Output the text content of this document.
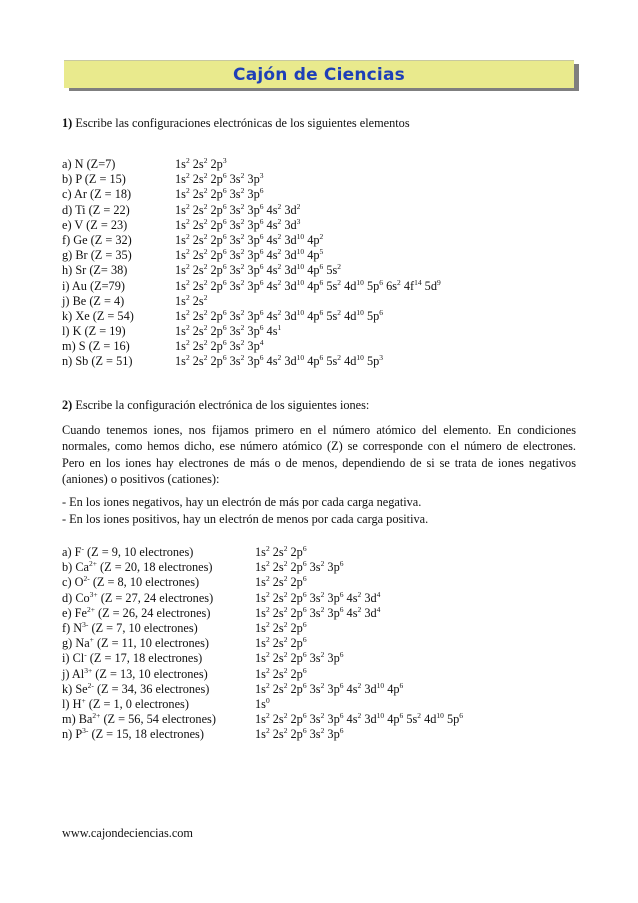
Cajón de Ciencias
1) Escribe las configuraciones electrónicas de los siguientes elementos
a) N (Z=7)	$1s^2$ $2s^2$ $2p^3$
b) P (Z = 15)	$1s^2$ $2s^2$ $2p^6$ $3s^2$ $3p^3$
c) Ar (Z = 18)	$1s^2$ $2s^2$ $2p^6$ $3s^2$ $3p^6$
d) Ti (Z = 22)	$1s^2$ $2s^2$ $2p^6$ $3s^2$ $3p^6$ $4s^2$ $3d^2$
e) V (Z = 23)	$1s^2$ $2s^2$ $2p^6$ $3s^2$ $3p^6$ $4s^2$ $3d^3$
f) Ge (Z = 32)	$1s^2$ $2s^2$ $2p^6$ $3s^2$ $3p^6$ $4s^2$ $3d^{10}$ $4p^2$
g) Br (Z = 35)	$1s^2$ $2s^2$ $2p^6$ $3s^2$ $3p^6$ $4s^2$ $3d^{10}$ $4p^5$
h) Sr (Z= 38)	$1s^2$ $2s^2$ $2p^6$ $3s^2$ $3p^6$ $4s^2$ $3d^{10}$ $4p^6$ $5s^2$
i) Au (Z=79)	$1s^2$ $2s^2$ $2p^6$ $3s^2$ $3p^6$ $4s^2$ $3d^{10}$ $4p^6$ $5s^2$ $4d^{10}$ $5p^6$ $6s^2$ $4f^{14}$ $5d^9$
j) Be (Z = 4)	$1s^2$ $2s^2$
k) Xe (Z = 54)	$1s^2$ $2s^2$ $2p^6$ $3s^2$ $3p^6$ $4s^2$ $3d^{10}$ $4p^6$ $5s^2$ $4d^{10}$ $5p^6$
l) K (Z = 19)	$1s^2$ $2s^2$ $2p^6$ $3s^2$ $3p^6$ $4s^1$
m) S (Z = 16)	$1s^2$ $2s^2$ $2p^6$ $3s^2$ $3p^4$
n) Sb (Z = 51)	$1s^2$ $2s^2$ $2p^6$ $3s^2$ $3p^6$ $4s^2$ $3d^{10}$ $4p^6$ $5s^2$ $4d^{10}$ $5p^3$
2) Escribe la configuración electrónica de los siguientes iones:
Cuando tenemos iones, nos fijamos primero en el número atómico del elemento. En condiciones normales, como hemos dicho, ese número atómico (Z) se corresponde con el número de electrones. Pero en los iones hay electrones de más o de menos, dependiendo de si se trata de iones negativos (aniones) o positivos (cationes):
- En los iones negativos, hay un electrón de más por cada carga negativa.
- En los iones positivos, hay un electrón de menos por cada carga positiva.
a) F- (Z = 9, 10 electrones)	$1s^2$ $2s^2$ $2p^6$
b) $Ca^{2+}$ (Z = 20, 18 electrones)	$1s^2$ $2s^2$ $2p^6$ $3s^2$ $3p^6$
c) $O^{2-}$ (Z = 8, 10 electrones)	$1s^2$ $2s^2$ $2p^6$
d) $Co^{3+}$ (Z = 27, 24 electrones)	$1s^2$ $2s^2$ $2p^6$ $3s^2$ $3p^6$ $4s^2$ $3d^4$
e) $Fe^{2+}$ (Z = 26, 24 electrones)	$1s^2$ $2s^2$ $2p^6$ $3s^2$ $3p^6$ $4s^2$ $3d^4$
f) $N^{3-}$ (Z = 7, 10 electrones)	$1s^2$ $2s^2$ $2p^6$
g) Na+ (Z = 11, 10 electrones)	$1s^2$ $2s^2$ $2p^6$
i) Cl- (Z = 17, 18 electrones)	$1s^2$ $2s^2$ $2p^6$ $3s^2$ $3p^6$
j) $Al^{3+}$ (Z = 13, 10 electrones)	$1s^2$ $2s^2$ $2p^6$
k) $Se^{2-}$ (Z = 34, 36 electrones)	$1s^2$ $2s^2$ $2p^6$ $3s^2$ $3p^6$ $4s^2$ $3d^{10}$ $4p^6$
l) H+ (Z = 1, 0 electrones)	$1s^0$
m) $Ba^{2+}$ (Z = 56, 54 electrones)	$1s^2$ $2s^2$ $2p^6$ $3s^2$ $3p^6$ $4s^2$ $3d^{10}$ $4p^6$ $5s^2$ $4d^{10}$ $5p^6$
n) $P^{3-}$ (Z = 15, 18 electrones)	$1s^2$ $2s^2$ $2p^6$ $3s^2$ $3p^6$
www.cajondeciencias.com
